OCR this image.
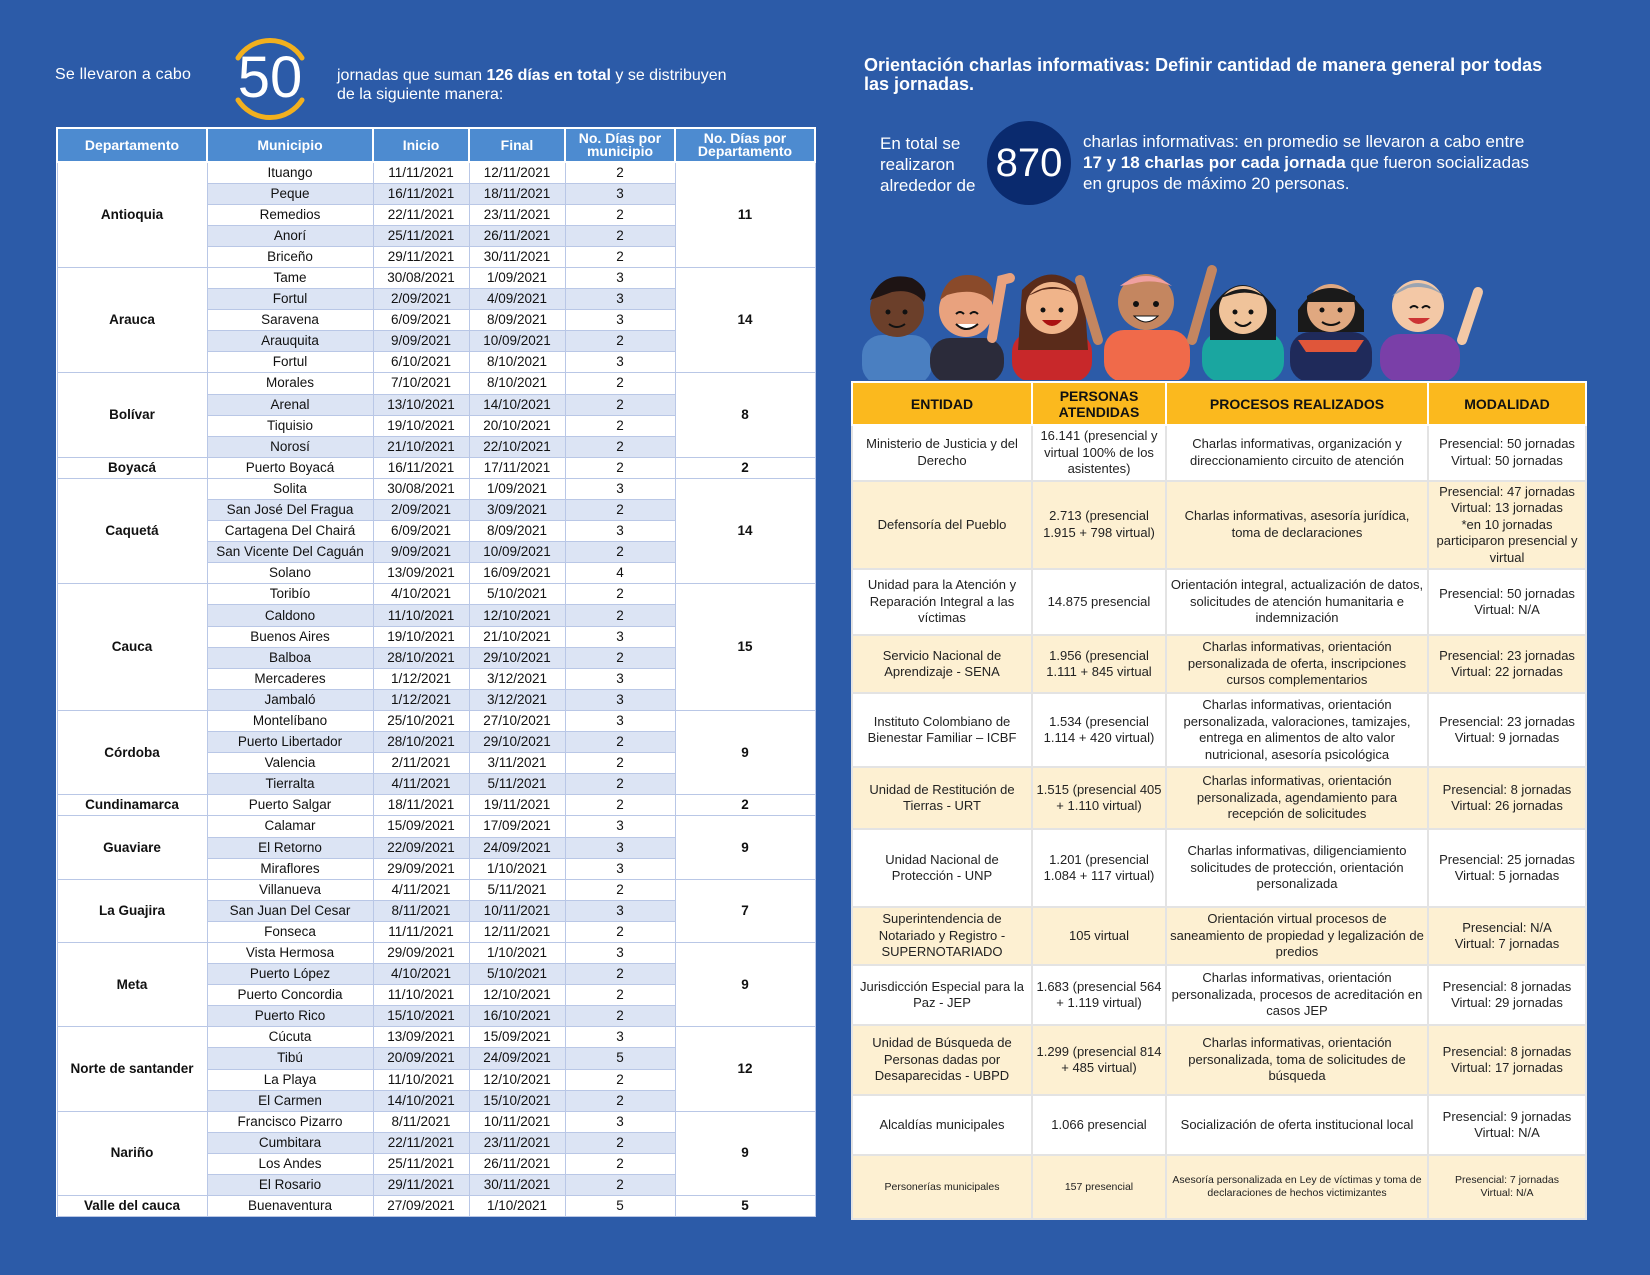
Se llevaron a cabo 50	jornadas que suman 126 días en total y se distribuyen
de la siguiente manera:
Departamento	Municipio	Inicio	Final	No. Días por municipio	No. Días por Departamento
Antioquia	Ituango	11/11/2021	12/11/2021	2	11
	Peque	16/11/2021	18/11/2021	3	
	Remedios	22/11/2021	23/11/2021	2	
	Anorí	25/11/2021	26/11/2021	2	
	Briceño	29/11/2021	30/11/2021	2	
Arauca	Tame	30/08/2021	1/09/2021	3	14
	Fortul	2/09/2021	4/09/2021	3	
	Saravena	6/09/2021	8/09/2021	3	
	Arauquita	9/09/2021	10/09/2021	2	
	Fortul	6/10/2021	8/10/2021	3	
Bolívar	Morales	7/10/2021	8/10/2021	2	8
	Arenal	13/10/2021	14/10/2021	2	
	Tiquisio	19/10/2021	20/10/2021	2	
	Norosí	21/10/2021	22/10/2021	2	
Boyacá	Puerto Boyacá	16/11/2021	17/11/2021	2	2
Caquetá	Solita	30/08/2021	1/09/2021	3	14
	San José Del Fragua	2/09/2021	3/09/2021	2	
	Cartagena Del Chairá	6/09/2021	8/09/2021	3	
	San Vicente Del Caguán	9/09/2021	10/09/2021	2	
	Solano	13/09/2021	16/09/2021	4	
Cauca	Toribío	4/10/2021	5/10/2021	2	15
	Caldono	11/10/2021	12/10/2021	2	
	Buenos Aires	19/10/2021	21/10/2021	3	
	Balboa	28/10/2021	29/10/2021	2	
	Mercaderes	1/12/2021	3/12/2021	3	
	Jambaló	1/12/2021	3/12/2021	3	
Córdoba	Montelíbano	25/10/2021	27/10/2021	3	9
	Puerto Libertador	28/10/2021	29/10/2021	2	
	Valencia	2/11/2021	3/11/2021	2	
	Tierralta	4/11/2021	5/11/2021	2	
Cundinamarca	Puerto Salgar	18/11/2021	19/11/2021	2	2
Guaviare	Calamar	15/09/2021	17/09/2021	3	9
	El Retorno	22/09/2021	24/09/2021	3	
	Miraflores	29/09/2021	1/10/2021	3	
La Guajira	Villanueva	4/11/2021	5/11/2021	2	7
	San Juan Del Cesar	8/11/2021	10/11/2021	3	
	Fonseca	11/11/2021	12/11/2021	2	
Meta	Vista Hermosa	29/09/2021	1/10/2021	3	9
	Puerto López	4/10/2021	5/10/2021	2	
	Puerto Concordia	11/10/2021	12/10/2021	2	
	Puerto Rico	15/10/2021	16/10/2021	2	
Norte de santander	Cúcuta	13/09/2021	15/09/2021	3	12
	Tibú	20/09/2021	24/09/2021	5	
	La Playa	11/10/2021	12/10/2021	2	
	El Carmen	14/10/2021	15/10/2021	2	
Nariño	Francisco Pizarro	8/11/2021	10/11/2021	3	9
	Cumbitara	22/11/2021	23/11/2021	2	
	Los Andes	25/11/2021	26/11/2021	2	
	El Rosario	29/11/2021	30/11/2021	2	
Valle del cauca	Buenaventura	27/09/2021	1/10/2021	5	5
Orientación charlas informativas: Definir cantidad de manera general por todas las jornadas.
En total se
realizaron
alrededor de
870	charlas informativas: en promedio se llevaron a cabo entre
17 y 18 charlas por cada jornada que fueron socializadas
en grupos de máximo 20 personas.
ENTIDAD	PERSONAS ATENDIDAS	PROCESOS REALIZADOS	MODALIDAD
Ministerio de Justicia y del Derecho	16.141 (presencial y virtual 100% de los asistentes)	Charlas informativas, organización y direccionamiento circuito de atención	Presencial: 50 jornadas
Virtual: 50 jornadas
Defensoría del Pueblo	2.713 (presencial 1.915 + 798 virtual)	Charlas informativas, asesoría jurídica, toma de declaraciones	Presencial: 47 jornadas
Virtual: 13 jornadas
*en 10 jornadas participaron presencial y virtual
Unidad para la Atención y Reparación Integral a las víctimas	14.875 presencial	Orientación integral, actualización de datos, solicitudes de atención humanitaria e indemnización	Presencial: 50 jornadas
Virtual: N/A
Servicio Nacional de Aprendizaje - SENA	1.956 (presencial 1.111 + 845 virtual	Charlas informativas, orientación personalizada de oferta, inscripciones cursos complementarios	Presencial: 23 jornadas
Virtual: 22 jornadas
Instituto Colombiano de Bienestar Familiar – ICBF	1.534 (presencial 1.114 + 420 virtual)	Charlas informativas, orientación personalizada, valoraciones, tamizajes, entrega en alimentos de alto valor nutricional, asesoría psicológica	Presencial: 23 jornadas
Virtual: 9 jornadas
Unidad de Restitución de Tierras - URT	1.515 (presencial 405 + 1.110 virtual)	Charlas informativas, orientación personalizada, agendamiento para recepción de solicitudes	Presencial: 8 jornadas
Virtual: 26 jornadas
Unidad Nacional de Protección - UNP	1.201 (presencial 1.084 + 117 virtual)	Charlas informativas, diligenciamiento solicitudes de protección, orientación personalizada	Presencial: 25 jornadas
Virtual: 5 jornadas
Superintendencia de Notariado y Registro - SUPERNOTARIADO	105 virtual	Orientación virtual procesos de saneamiento de propiedad y legalización de predios	Presencial: N/A
Virtual: 7 jornadas
Jurisdicción Especial para la Paz - JEP	1.683 (presencial 564 + 1.119 virtual)	Charlas informativas, orientación personalizada, procesos de acreditación en casos JEP	Presencial: 8 jornadas
Virtual: 29 jornadas
Unidad de Búsqueda de Personas dadas por Desaparecidas - UBPD	1.299 (presencial 814 + 485 virtual)	Charlas informativas, orientación personalizada, toma de solicitudes de búsqueda	Presencial: 8 jornadas
Virtual: 17 jornadas
Alcaldías municipales	1.066 presencial	Socialización de oferta institucional local	Presencial: 9 jornadas
Virtual: N/A
Personerías municipales	157 presencial	Asesoría personalizada en Ley de víctimas y toma de declaraciones de hechos victimizantes	Presencial: 7 jornadas
Virtual: N/A
